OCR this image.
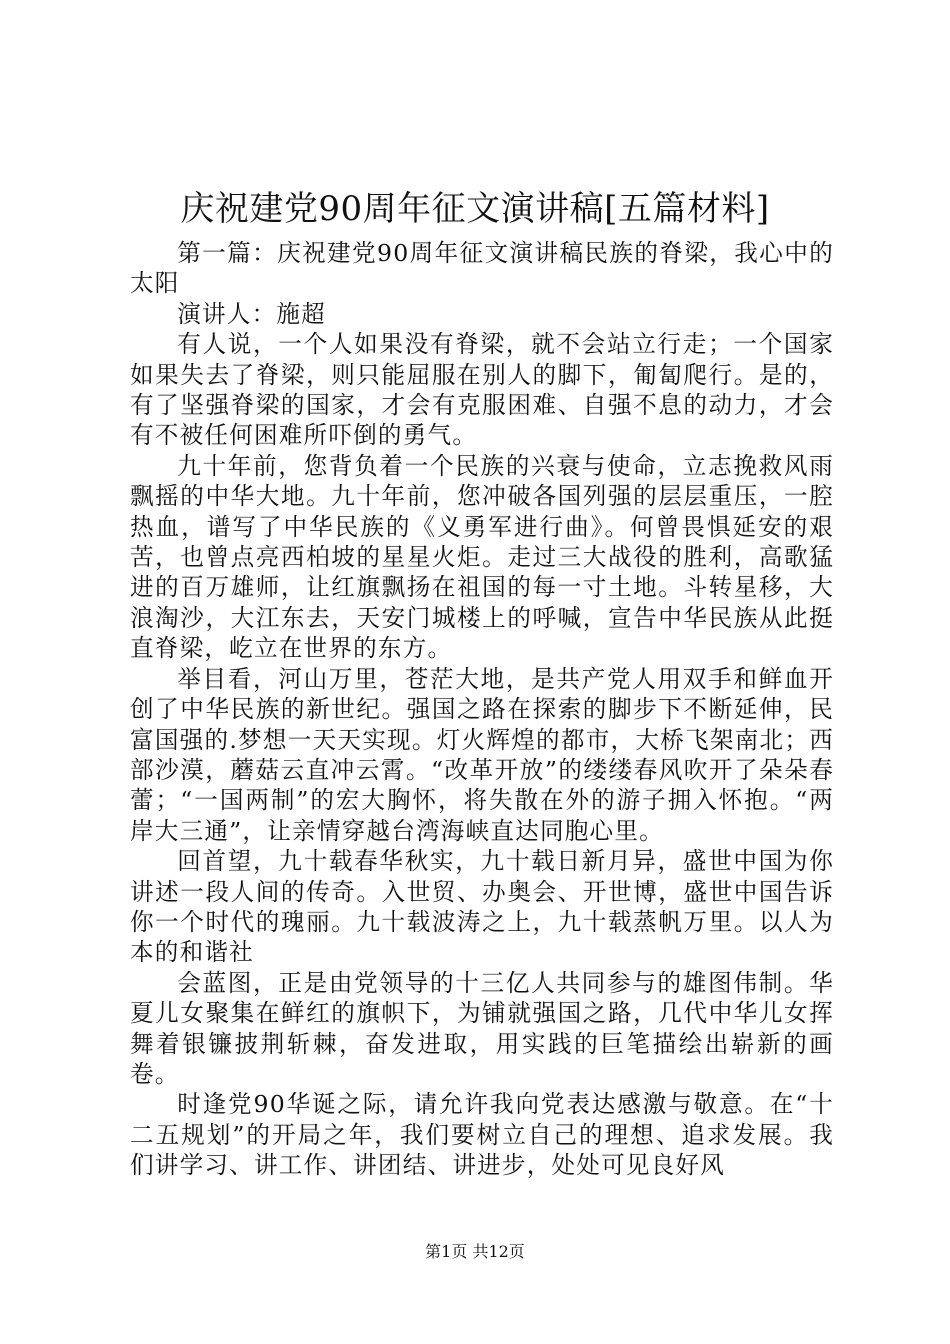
庆祝建党90周年征文演讲稿[五篇材料]

第一篇：庆祝建党90周年征文演讲稿民族的脊梁，我心中的太阳

演讲人：施超

有人说，一个人如果没有脊梁，就不会站立行走；一个国家如果失去了脊梁，则只能屈服在别人的脚下，匍匐爬行。是的，有了坚强脊梁的国家，才会有克服困难、自强不息的动力，才会有不被任何困难所吓倒的勇气。

九十年前，您背负着一个民族的兴衰与使命，立志挽救风雨飘摇的中华大地。九十年前，您冲破各国列强的层层重压，一腔热血，谱写了中华民族的《义勇军进行曲》。何曾畏惧延安的艰苦，也曾点亮西柏坡的星星火炬。走过三大战役的胜利，高歌猛进的百万雄师，让红旗飘扬在祖国的每一寸土地。斗转星移，大浪淘沙，大江东去，天安门城楼上的呼喊，宣告中华民族从此挺直脊梁，屹立在世界的东方。

举目看，河山万里，苍茫大地，是共产党人用双手和鲜血开创了中华民族的新世纪。强国之路在探索的脚步下不断延伸，民富国强的.梦想一天天实现。灯火辉煌的都市，大桥飞架南北；西部沙漠，蘑菇云直冲云霄。“改革开放”的缕缕春风吹开了朵朵春蕾；“一国两制”的宏大胸怀，将失散在外的游子拥入怀抱。“两岸大三通”，让亲情穿越台湾海峡直达同胞心里。

回首望，九十载春华秋实，九十载日新月异，盛世中国为你讲述一段人间的传奇。入世贸、办奥会、开世博，盛世中国告诉你一个时代的瑰丽。九十载波涛之上，九十载蒸帆万里。以人为本的和谐社

会蓝图，正是由党领导的十三亿人共同参与的雄图伟制。华夏儿女聚集在鲜红的旗帜下，为铺就强国之路，几代中华儿女挥舞着银镰披荆斩棘，奋发进取，用实践的巨笔描绘出崭新的画卷。

时逢党90华诞之际，请允许我向党表达感激与敬意。在“十二五规划”的开局之年，我们要树立自己的理想、追求发展。我们讲学习、讲工作、讲团结、讲进步，处处可见良好风

第1页 共12页
